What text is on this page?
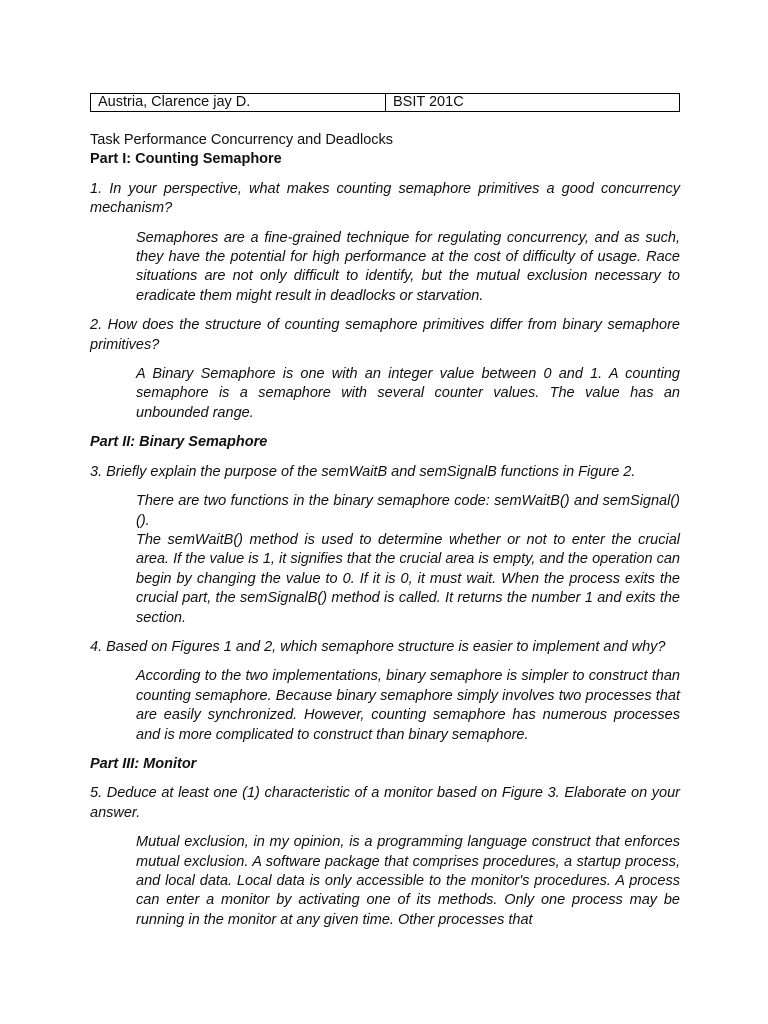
Austria, Clarence jay D.	BSIT 201C
Task Performance Concurrency and Deadlocks
Part I: Counting Semaphore
1. In your perspective, what makes counting semaphore primitives a good concurrency mechanism?

Semaphores are a fine-grained technique for regulating concurrency, and as such, they have the potential for high performance at the cost of difficulty of usage. Race situations are not only difficult to identify, but the mutual exclusion necessary to eradicate them might result in deadlocks or starvation.

2. How does the structure of counting semaphore primitives differ from binary semaphore primitives?

A Binary Semaphore is one with an integer value between 0 and 1. A counting semaphore is a semaphore with several counter values. The value has an unbounded range.

Part II: Binary Semaphore
3. Briefly explain the purpose of the semWaitB and semSignalB functions in Figure 2.

There are two functions in the binary semaphore code: semWaitB() and semSignal() ().

The semWaitB() method is used to determine whether or not to enter the crucial area. If the value is 1, it signifies that the crucial area is empty, and the operation can begin by changing the value to 0. If it is 0, it must wait. When the process exits the crucial part, the semSignalB() method is called. It returns the number 1 and exits the section.

4. Based on Figures 1 and 2, which semaphore structure is easier to implement and why?

According to the two implementations, binary semaphore is simpler to construct than counting semaphore. Because binary semaphore simply involves two processes that are easily synchronized. However, counting semaphore has numerous processes and is more complicated to construct than binary semaphore.

Part III: Monitor
5. Deduce at least one (1) characteristic of a monitor based on Figure 3. Elaborate on your answer.

Mutual exclusion, in my opinion, is a programming language construct that enforces mutual exclusion. A software package that comprises procedures, a startup process, and local data. Local data is only accessible to the monitor's procedures. A process can enter a monitor by activating one of its methods. Only one process may be running in the monitor at any given time. Other processes that
